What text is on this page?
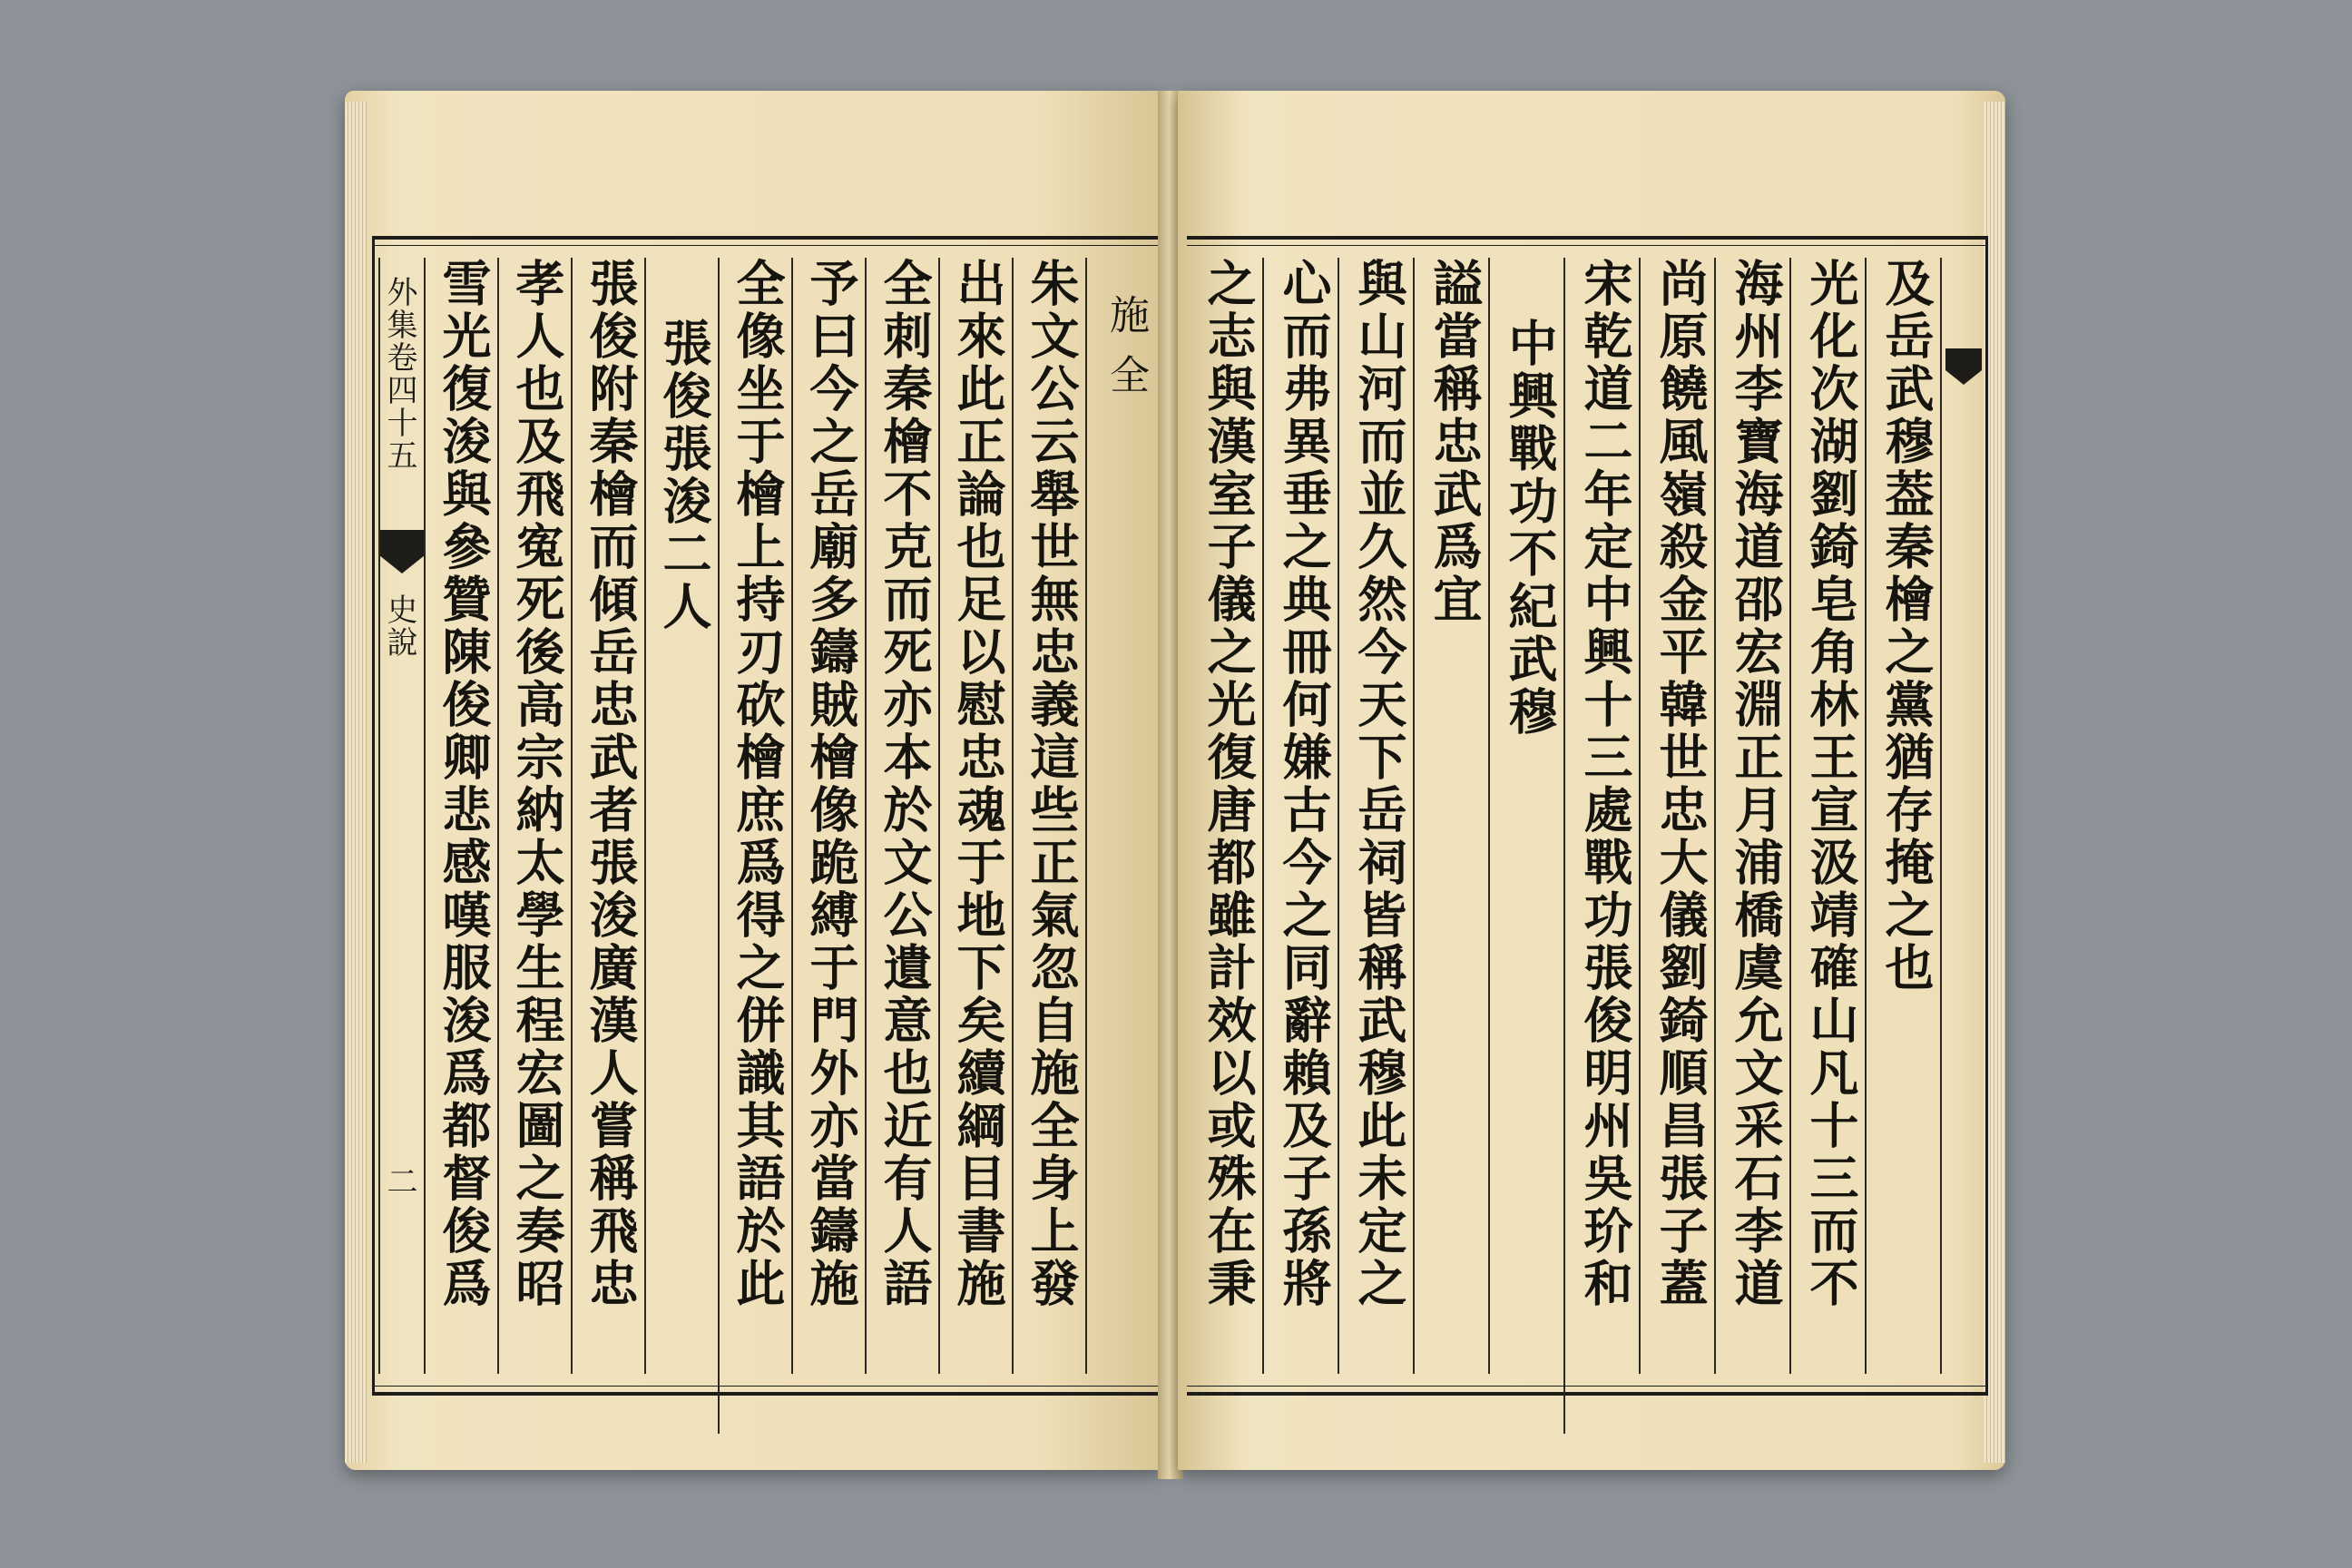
外集卷四十五
史說
二 雪光復浚與參贊陳俊卿悲感嘆服浚爲都督俊爲 孝人也及飛寃死後高宗納太學生程宏圖之奏昭 張俊附秦檜而傾岳忠武者張浚廣漢人嘗稱飛忠 張俊張浚二人 全像坐于檜上持刃砍檜庶爲得之併識其語於此 予曰今之岳廟多鑄賊檜像跪縛于門外亦當鑄施 全刺秦檜不克而死亦本於文公遺意也近有人語 出來此正論也足以慰忠魂于地下矣續綱目書施 朱文公云舉世無忠義這些正氣忽自施全身上發 施全 之志與漢室子儀之光復唐都雖計效以或殊在秉 心而弗異垂之典冊何嫌古今之同辭賴及子孫將 與山河而並久然今天下岳祠皆稱武穆此未定之 謚當稱忠武爲宜 中興戰功不紀武穆 宋乾道二年定中興十三處戰功張俊明州吳玠和 尚原饒風嶺殺金平韓世忠大儀劉錡順昌張子蓋 海州李寶海道邵宏淵正月浦橋虞允文采石李道 光化次湖劉錡皂角林王宣汲靖確山凡十三而不 及岳武穆葢秦檜之黨猶存掩之也
